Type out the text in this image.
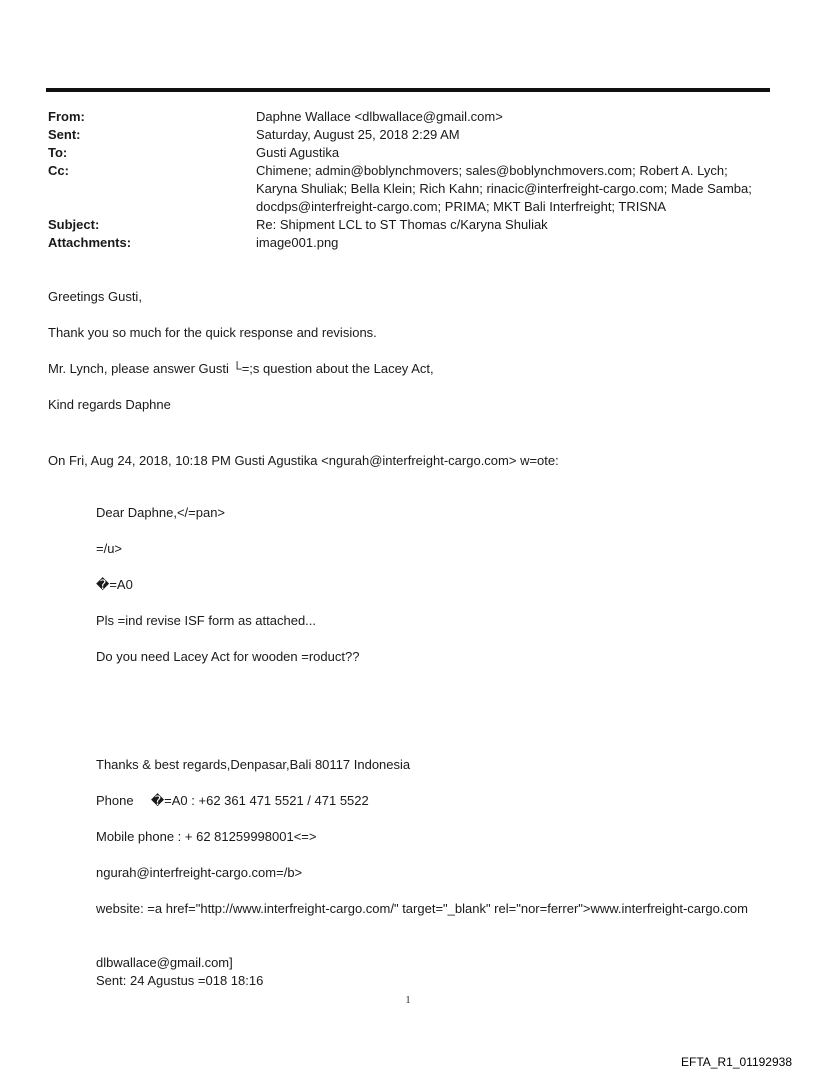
From:	Daphne Wallace <dlbwallace@gmail.com>
Sent:	Saturday, August 25, 2018 2:29 AM
To:	Gusti Agustika
Cc:	Chimene; admin@boblynchmovers; sales@boblynchmovers.com; Robert A. Lych;
Karyna Shuliak; Bella Klein; Rich Kahn; rinacic@interfreight-cargo.com; Made Samba;
docdps@interfreight-cargo.com; PRIMA; MKT Bali Interfreight; TRISNA
Subject:	Re: Shipment LCL to ST Thomas c/Karyna Shuliak
Attachments:	image001.png

Greetings Gusti,

Thank you so much for the quick response and revisions.

Mr. Lynch, please answer Gusti └=;s question about the Lacey Act,

Kind regards Daphne

On Fri, Aug 24, 2018, 10:18 PM Gusti Agustika <ngurah@interfreight-cargo.com> w=ote:

Dear Daphne,</=pan>

=/u>

�=A0

Pls =ind revise ISF form as attached...

Do you need Lacey Act for wooden =roduct??

Thanks & best regards,Denpasar,Bali 80117 Indonesia

Phone �=A0 : +62 361 471 5521 / 471 5522

Mobile phone : + 62 81259998001<=>

ngurah@interfreight-cargo.com=/b>

website: =a href="http://www.interfreight-cargo.com/" target="_blank" rel="nor=ferrer">www.interfreight-cargo.com

dlbwallace@gmail.com]

Sent: 24 Agustus =018 18:16

1
EFTA_R1_01192938
